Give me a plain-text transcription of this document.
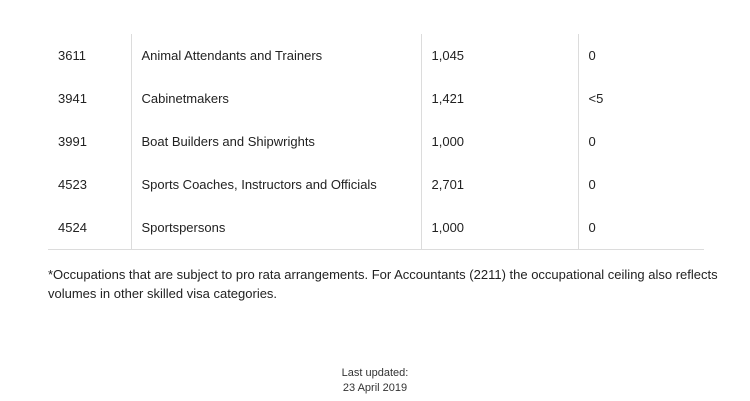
3611	Animal Attendants and Trainers	1,045	0
3941	Cabinetmakers	1,421	<5
3991	Boat Builders and Shipwrights	1,000	0
4523	Sports Coaches, Instructors and Officials	2,701	0
4524	Sportspersons	1,000	0
*Occupations that are subject to pro rata arrangements. For Accountants (2211) the occupational ceiling also reflects volumes in other skilled visa categories.
Last updated:
23 April 2019
